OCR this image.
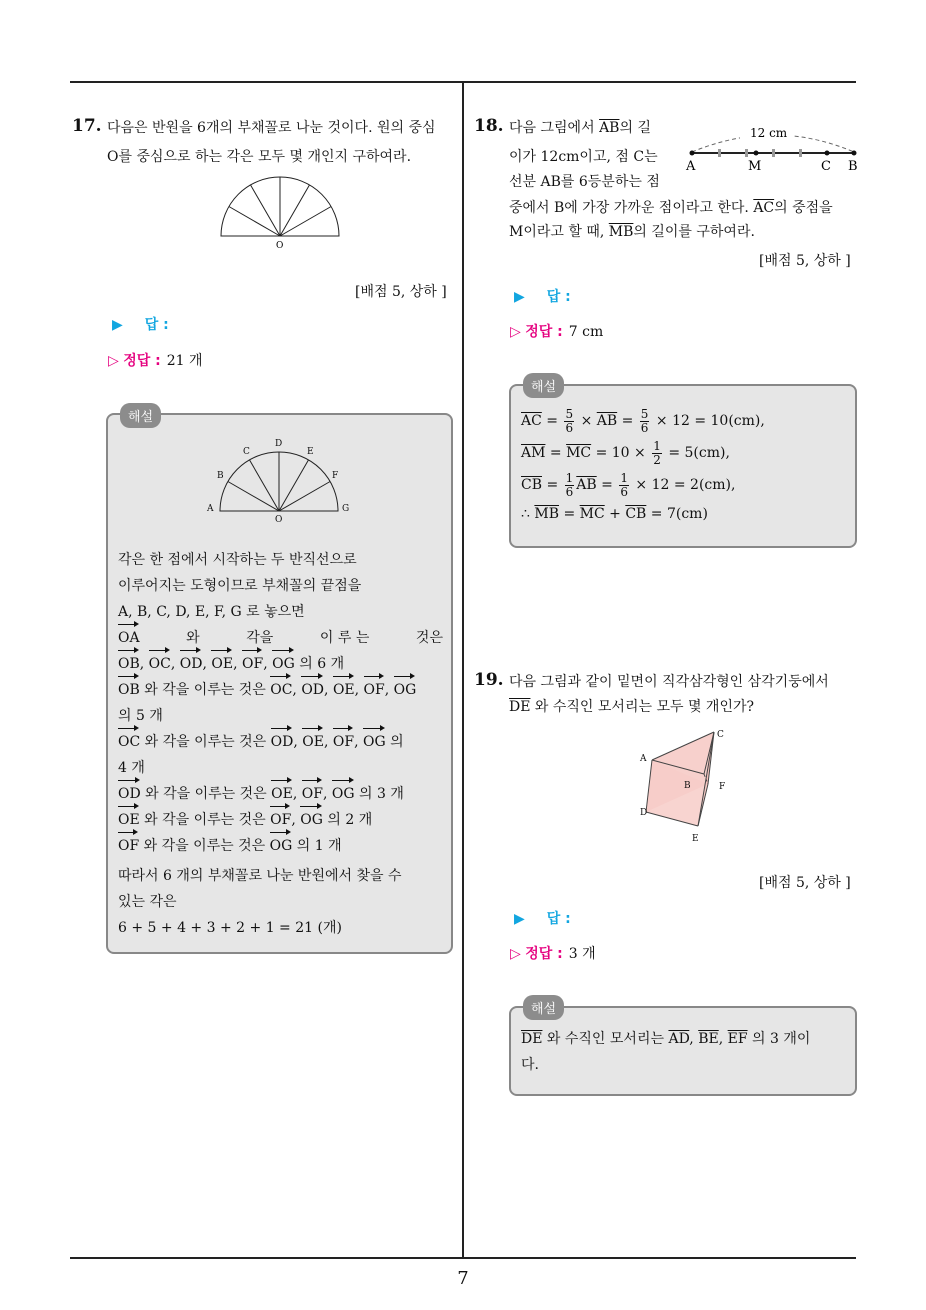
17. 다음은 반원을 6개의 부채꼴로 나눈 것이다. 원의 중심
O를 중심으로 하는 각은 모두 몇 개인지 구하여라.
O
[배점 5, 상하 ]
▶ 답 :
▷ 정답 : 21 개
해설
A
B
C
D
E
F
G
O
각은 한 점에서 시작하는 두 반직선으로
이루어지는 도형이므로 부채꼴의 끝점을
A, B, C, D, E, F, G 로 놓으면
OA	와	각을	이 루 는	것은
OB, OC, OD, OE, OF, OG 의 6 개
OB 와 각을 이루는 것은 OC, OD, OE, OF, OG
의 5 개
OC 와 각을 이루는 것은 OD, OE, OF, OG 의
4 개
OD 와 각을 이루는 것은 OE, OF, OG 의 3 개
OE 와 각을 이루는 것은 OF, OG 의 2 개
OF 와 각을 이루는 것은 OG 의 1 개
따라서 6 개의 부채꼴로 나눈 반원에서 찾을 수
있는 각은
6 + 5 + 4 + 3 + 2 + 1 = 21 (개)
18. 다음 그림에서 $\overline{AB}$의 길
이가 12cm이고, 점 C는
선분 AB를 6등분하는 점
중에서 B에 가장 가까운 점이라고 한다. $\overline{AC}$의 중점을
M이라고 할 때, $\overline{MB}$의 길이를 구하여라.
12 cm
A	M	C B
[배점 5, 상하 ]
▶ 답 :
▷ 정답 : 7 cm
해설
$\overline{AC} = \frac{5}{6} \times \overline{AB} = \frac{5}{6} \times 12 = 10(cm)$,
$\overline{AM} = \overline{MC} = 10 \times \frac{1}{2} = 5(cm)$,
$\overline{CB} = \frac{1}{6} \overline{AB} = \frac{1}{6} \times 12 = 2(cm)$,
∴ $\overline{MB} = \overline{MC} + \overline{CB} = 7(cm)$
19. 다음 그림과 같이 밑면이 직각삼각형인 삼각기둥에서
$\overline{DE}$ 와 수직인 모서리는 모두 몇 개인가?
A
B
C
D
E
F
[배점 5, 상하 ]
▶ 답 :
▷ 정답 : 3 개
해설
$\overline{DE}$ 와 수직인 모서리는 $\overline{AD}$, $\overline{BE}$, $\overline{EF}$ 의 3 개이
다.
7
